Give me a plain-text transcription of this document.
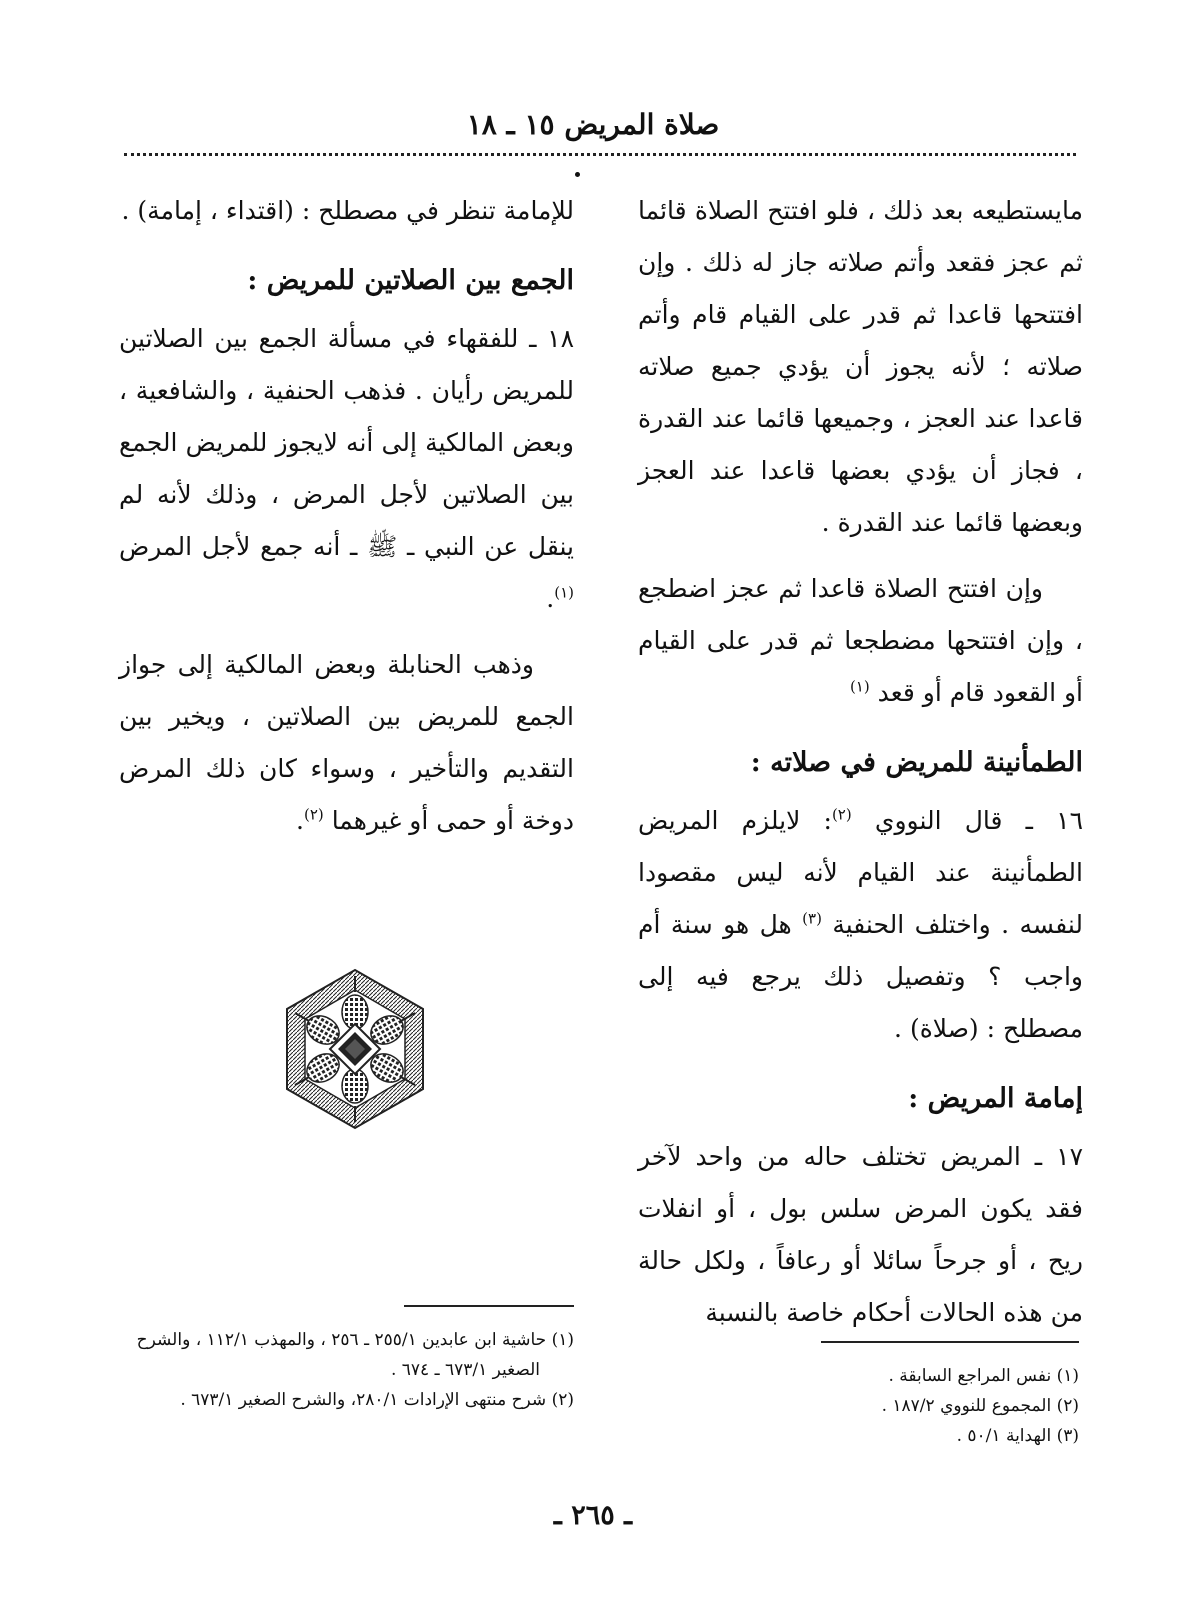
صلاة المريض ١٥ ـ ١٨

مايستطيعه بعد ذلك ، فلو افتتح الصلاة قائما ثم عجز فقعد وأتم صلاته جاز له ذلك . وإن افتتحها قاعدا ثم قدر على القيام قام وأتم صلاته ؛ لأنه يجوز أن يؤدي جميع صلاته قاعدا عند العجز ، وجميعها قائما عند القدرة ، فجاز أن يؤدي بعضها قاعدا عند العجز وبعضها قائما عند القدرة .

وإن افتتح الصلاة قاعدا ثم عجز اضطجع ، وإن افتتحها مضطجعا ثم قدر على القيام أو القعود قام أو قعد $^{(١)}$

الطمأنينة للمريض في صلاته :

١٦ ـ قال النووي $^{(٢)}$: لايلزم المريض الطمأنينة عند القيام لأنه ليس مقصودا لنفسه . واختلف الحنفية $^{(٣)}$ هل هو سنة أم واجب ؟ وتفصيل ذلك يرجع فيه إلى مصطلح : (صلاة) .

إمامة المريض :

١٧ ـ المريض تختلف حاله من واحد لآخر فقد يكون المرض سلس بول ، أو انفلات ريح ، أو جرحاً سائلا أو رعافاً ، ولكل حالة من هذه الحالات أحكام خاصة بالنسبة

للإمامة تنظر في مصطلح : (اقتداء ، إمامة) .

الجمع بين الصلاتين للمريض :

١٨ ـ للفقهاء في مسألة الجمع بين الصلاتين للمريض رأيان . فذهب الحنفية ، والشافعية ، وبعض المالكية إلى أنه لايجوز للمريض الجمع بين الصلاتين لأجل المرض ، وذلك لأنه لم ينقل عن النبي ـ ﷺ ـ أنه جمع لأجل المرض $^{(١)}$.

وذهب الحنابلة وبعض المالكية إلى جواز الجمع للمريض بين الصلاتين ، ويخير بين التقديم والتأخير ، وسواء كان ذلك المرض دوخة أو حمى أو غيرهما $^{(٢)}$.

(١) نفس المراجع السابقة .

(٢) المجموع للنووي ١٨٧/٢ .

(٣) الهداية ٥٠/١ .

(١) حاشية ابن عابدين ٢٥٥/١ ـ ٢٥٦ ، والمهذب ١١٢/١ ، والشرح الصغير ٦٧٣/١ ـ ٦٧٤ .

(٢) شرح منتهى الإرادات ٢٨٠/١، والشرح الصغير ٦٧٣/١ .

ـ ٢٦٥ ـ
